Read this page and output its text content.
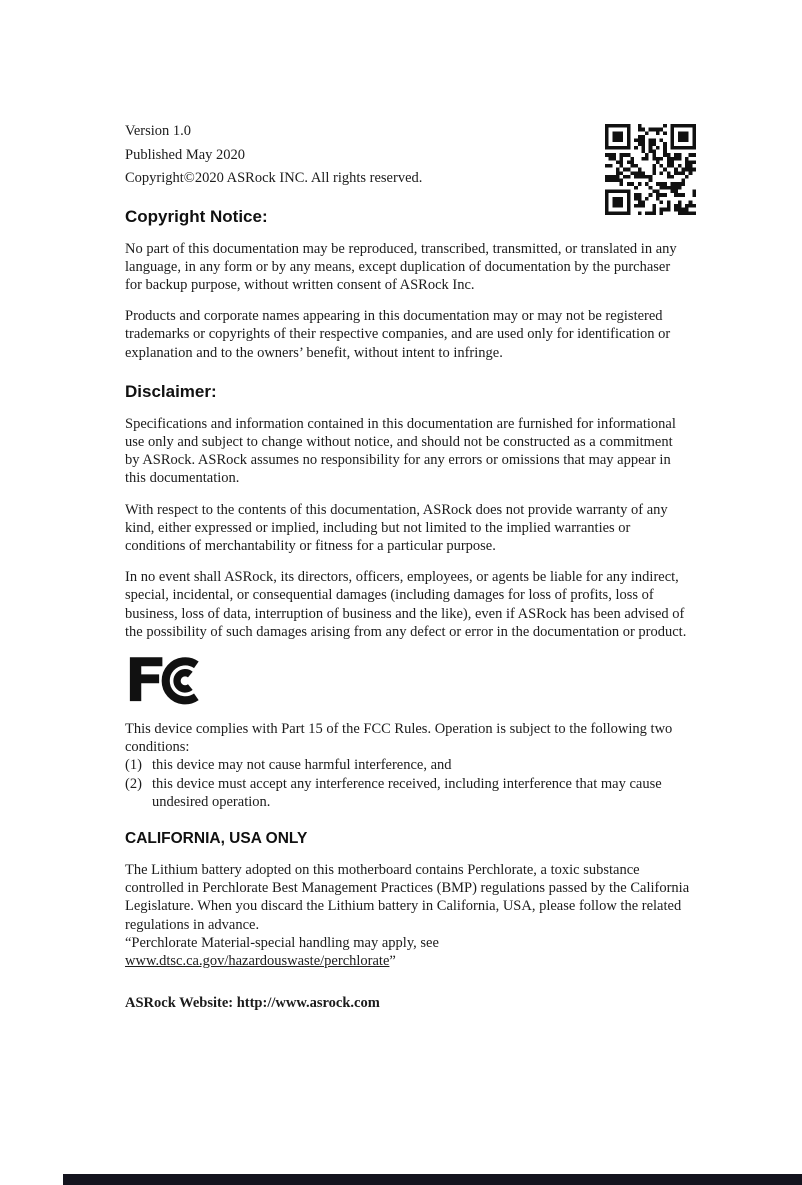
Version 1.0
Published May 2020
Copyright©2020 ASRock INC. All rights reserved.
Copyright Notice:

No part of this documentation may be reproduced, transcribed, transmitted, or translated in any language, in any form or by any means, except duplication of documentation by the purchaser for backup purpose, without written consent of ASRock Inc.

Products and corporate names appearing in this documentation may or may not be registered trademarks or copyrights of their respective companies, and are used only for identification or explanation and to the owners’ benefit, without intent to infringe.

Disclaimer:

Specifications and information contained in this documentation are furnished for informational use only and subject to change without notice, and should not be constructed as a commitment by ASRock. ASRock assumes no responsibility for any errors or omissions that may appear in this documentation.

With respect to the contents of this documentation, ASRock does not provide warranty of any kind, either expressed or implied, including but not limited to the implied warranties or conditions of merchantability or fitness for a particular purpose.

In no event shall ASRock, its directors, officers, employees, or agents be liable for any indirect, special, incidental, or consequential damages (including damages for loss of profits, loss of business, loss of data, interruption of business and the like), even if ASRock has been advised of the possibility of such damages arising from any defect or error in the documentation or product.

This device complies with Part 15 of the FCC Rules. Operation is subject to the following two conditions:
(1) this device may not cause harmful interference, and
(2) this device must accept any interference received, including interference that may cause undesired operation.
CALIFORNIA, USA ONLY

The Lithium battery adopted on this motherboard contains Perchlorate, a toxic substance controlled in Perchlorate Best Management Practices (BMP) regulations passed by the California Legislature. When you discard the Lithium battery in California, USA, please follow the related regulations in advance.

“Perchlorate Material-special handling may apply, see www.dtsc.ca.gov/hazardouswaste/perchlorate”

ASRock Website: http://www.asrock.com
